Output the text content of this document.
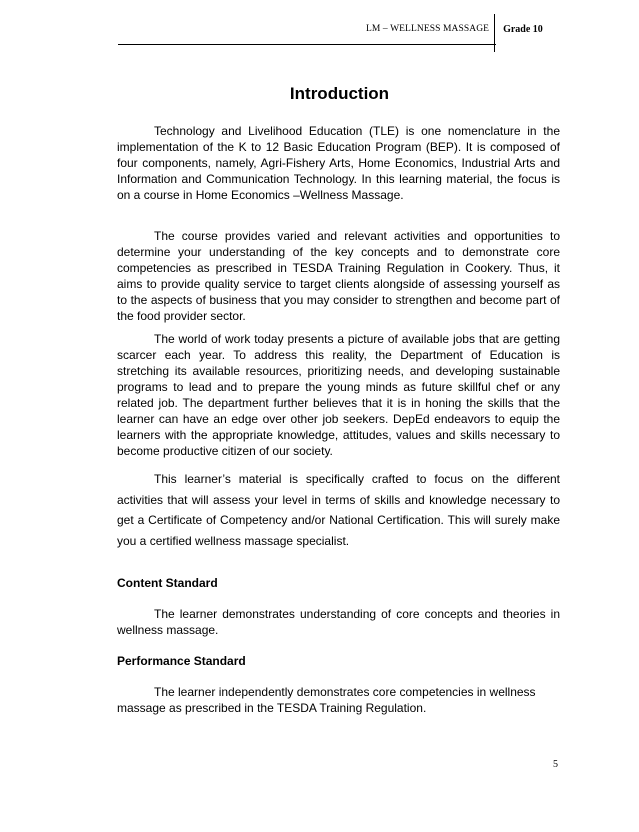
LM – WELLNESS MASSAGE	Grade 10
Introduction

Technology and Livelihood Education (TLE) is one nomenclature in the implementation of the K to 12 Basic Education Program (BEP). It is composed of four components, namely, Agri-Fishery Arts, Home Economics, Industrial Arts and Information and Communication Technology. In this learning material, the focus is on a course in Home Economics –Wellness Massage.

The course provides varied and relevant activities and opportunities to determine your understanding of the key concepts and to demonstrate core competencies as prescribed in TESDA Training Regulation in Cookery. Thus, it aims to provide quality service to target clients alongside of assessing yourself as to the aspects of business that you may consider to strengthen and become part of the food provider sector.

The world of work today presents a picture of available jobs that are getting scarcer each year. To address this reality, the Department of Education is stretching its available resources, prioritizing needs, and developing sustainable programs to lead and to prepare the young minds as future skillful chef or any related job. The department further believes that it is in honing the skills that the learner can have an edge over other job seekers. DepEd endeavors to equip the learners with the appropriate knowledge, attitudes, values and skills necessary to become productive citizen of our society.

This learner’s material is specifically crafted to focus on the different activities that will assess your level in terms of skills and knowledge necessary to get a Certificate of Competency and/or National Certification. This will surely make you a certified wellness massage specialist.

Content Standard

The learner demonstrates understanding of core concepts and theories in wellness massage.

Performance Standard

The learner independently demonstrates core competencies in wellness massage as prescribed in the TESDA Training Regulation.

5
